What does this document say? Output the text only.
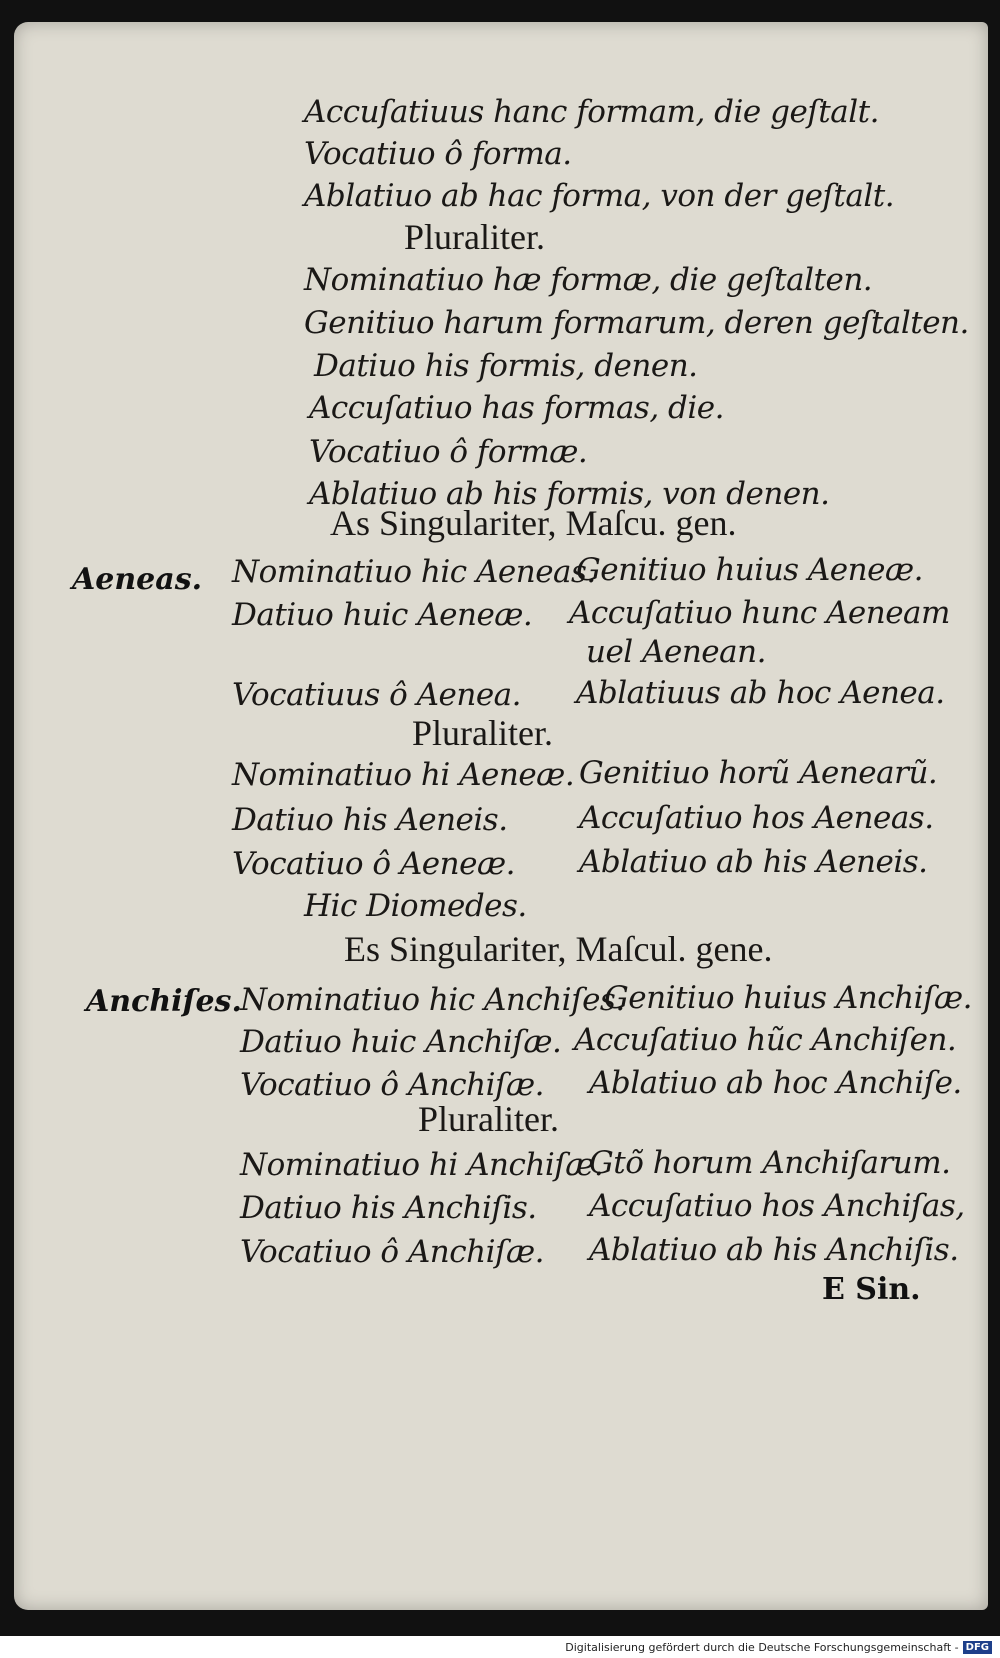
Accuſatiuus hanc formam, die geſtalt.
Vocatiuo ô forma.
Ablatiuo ab hac forma, von der geſtalt.
Pluraliter.
Nominatiuo hæ formæ, die geſtalten.
Genitiuo harum formarum, deren geſtalten.
Datiuo his formis, denen.
Accuſatiuo has formas, die.
Vocatiuo ô formæ.
Ablatiuo ab his formis, von denen.
As Singulariter, Maſcu. gen.
Aeneas. Nominatiuo hic Aeneas.
Genitiuo huius Aeneæ.
Datiuo huic Aeneæ. Accuſatiuo hunc Aeneam
uel Aenean.
Vocatiuus ô Aenea. Ablatiuus ab hoc Aenea.
Pluraliter.
Nominatiuo hi Aeneæ. Genitiuo horũ Aenearũ.
Datiuo his Aeneis. Accuſatiuo hos Aeneas.
Vocatiuo ô Aeneæ. Ablatiuo ab his Aeneis.
Hic Diomedes.
Es Singulariter, Maſcul. gene.
Anchiſes.
Nominatiuo hic Anchiſes.
Genitiuo huius Anchiſæ.
Datiuo huic Anchiſæ. Accuſatiuo hũc Anchiſen.
Vocatiuo ô Anchiſæ. Ablatiuo ab hoc Anchiſe.
Pluraliter.
Nominatiuo hi Anchiſæ.
Gtõ horum Anchiſarum.
Datiuo his Anchiſis. Accuſatiuo hos Anchiſas,
Vocatiuo ô Anchiſæ. Ablatiuo ab his Anchiſis.
E Sin.
Digitalisierung gefördert durch die Deutsche Forschungsgemeinschaft - DFG
